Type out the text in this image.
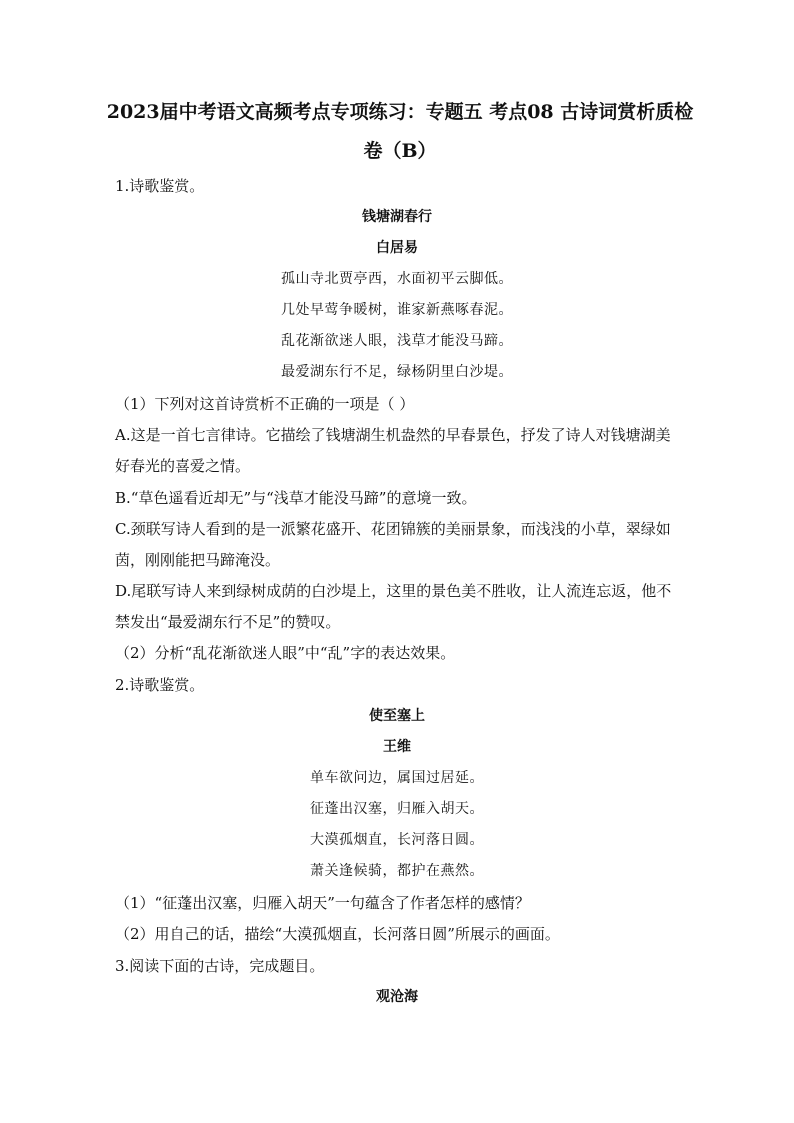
2023届中考语文高频考点专项练习：专题五 考点08 古诗词赏析质检
卷（B）
1.诗歌鉴赏。
钱塘湖春行
白居易
孤山寺北贾亭西，水面初平云脚低。
几处早莺争暖树，谁家新燕啄春泥。
乱花渐欲迷人眼，浅草才能没马蹄。
最爱湖东行不足，绿杨阴里白沙堤。
（1）下列对这首诗赏析不正确的一项是（ ）
A.这是一首七言律诗。它描绘了钱塘湖生机盎然的早春景色，抒发了诗人对钱塘湖美
好春光的喜爱之情。
B.“草色遥看近却无”与“浅草才能没马蹄”的意境一致。
C.颈联写诗人看到的是一派繁花盛开、花团锦簇的美丽景象，而浅浅的小草，翠绿如
茵，刚刚能把马蹄淹没。
D.尾联写诗人来到绿树成荫的白沙堤上，这里的景色美不胜收，让人流连忘返，他不
禁发出“最爱湖东行不足”的赞叹。
（2）分析“乱花渐欲迷人眼”中“乱”字的表达效果。
2.诗歌鉴赏。
使至塞上
王维
单车欲问边，属国过居延。
征蓬出汉塞，归雁入胡天。
大漠孤烟直，长河落日圆。
萧关逢候骑，都护在燕然。
（1）“征蓬出汉塞，归雁入胡天”一句蕴含了作者怎样的感情？
（2）用自己的话，描绘“大漠孤烟直，长河落日圆”所展示的画面。
3.阅读下面的古诗，完成题目。
观沧海
